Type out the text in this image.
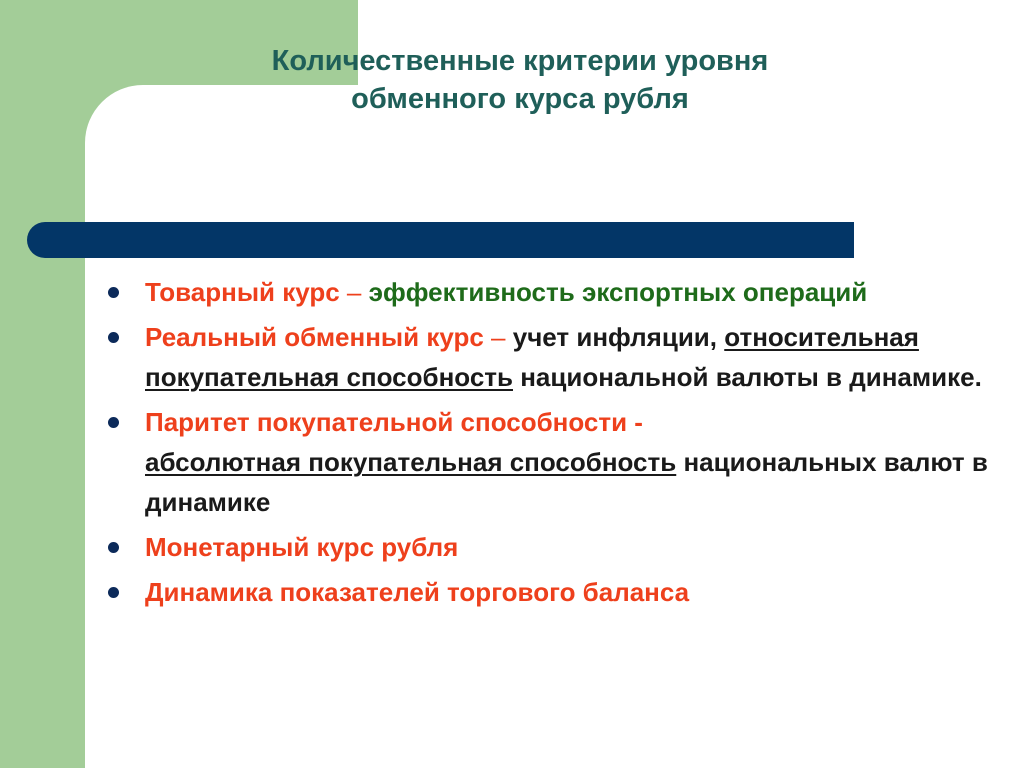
Количественные критерии уровня
обменного курса рубля
Товарный курс – эффективность экспортных операций
Реальный обменный курс – учет инфляции, относительная покупательная способность национальной валюты в динамике.
Паритет покупательной способности -
абсолютная покупательная способность национальных валют в динамике
Монетарный курс рубля
Динамика показателей торгового баланса
